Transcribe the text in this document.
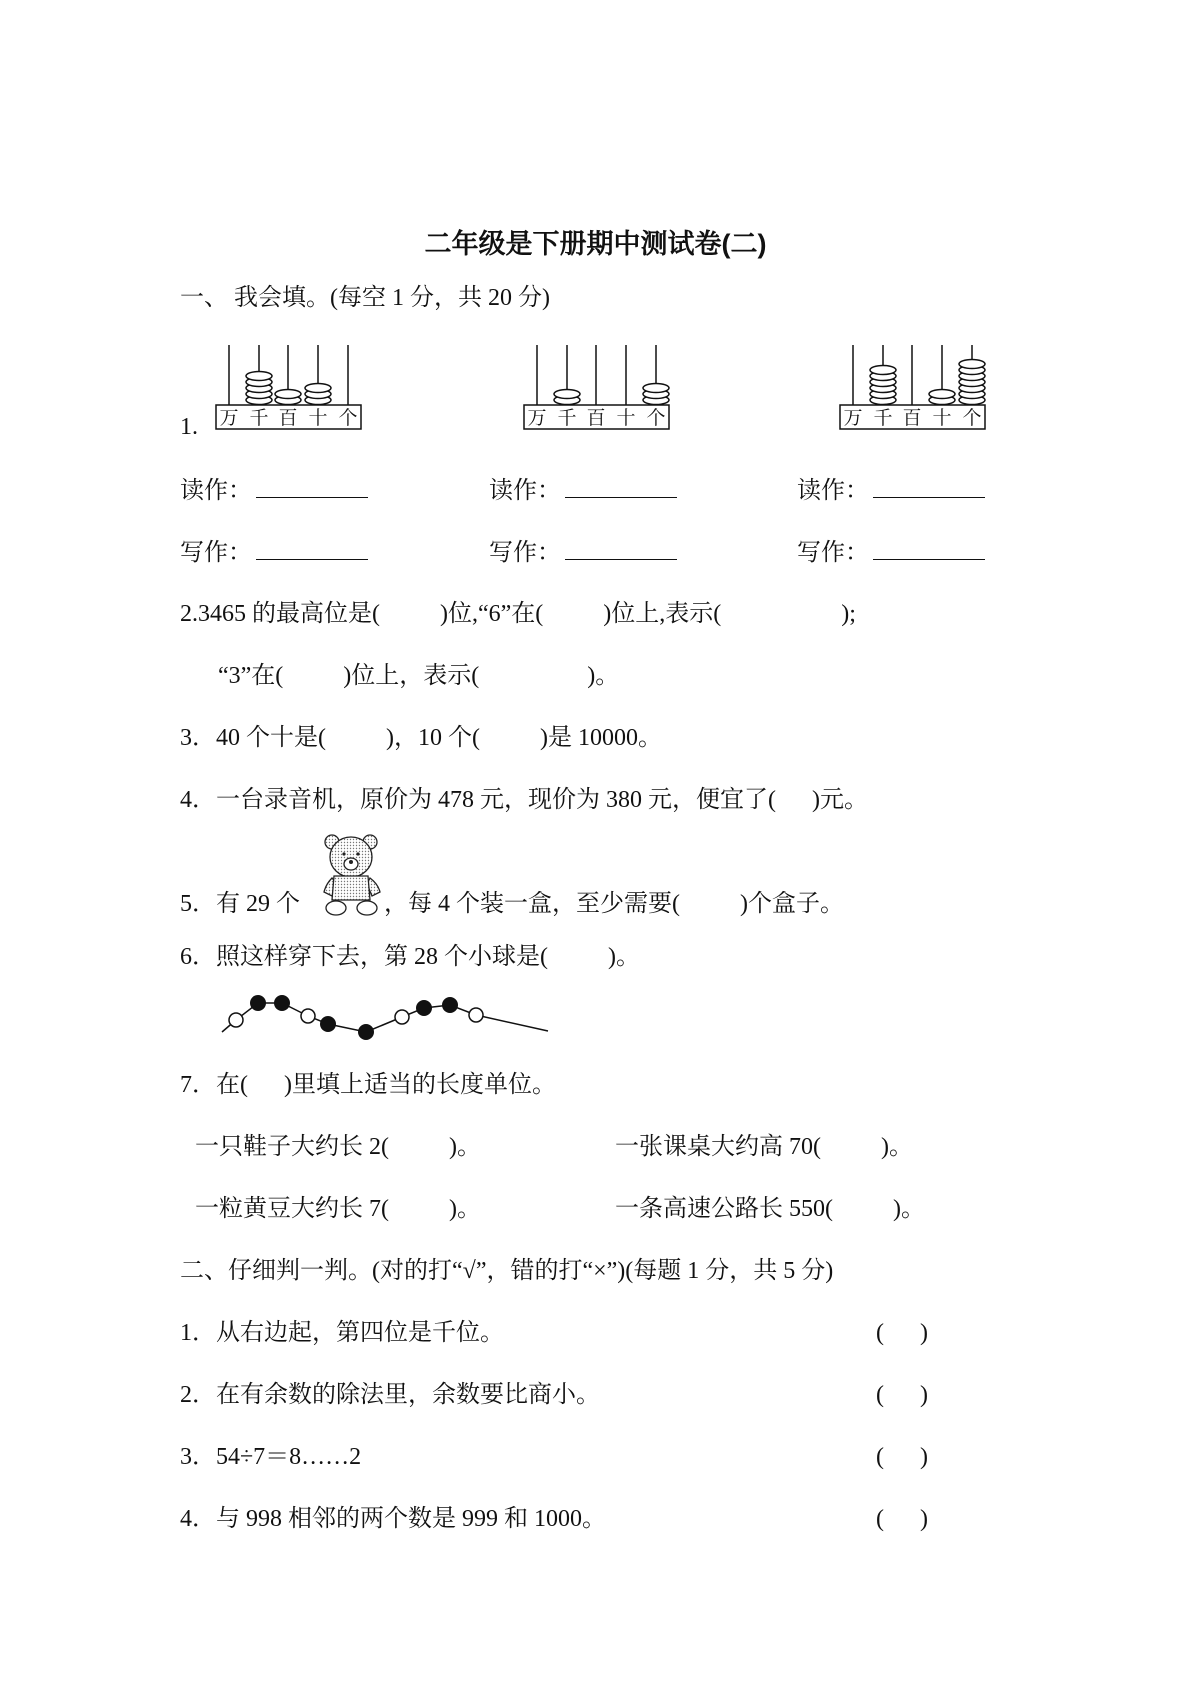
二年级是下册期中测试卷(二)
一、 我会填。(每空 1 分，共 20 分)
1. 万 千 百 十 个	万 千 百 十 个	万 千 百 十 个
读作：	读作：	读作：
写作：	写作：	写作：
2.3465 的最高位是(          )位,“6”在(          )位上,表示(                    );
“3”在(          )位上，表示(                  )。
3．40 个十是(          )，10 个(          )是 10000。
4．一台录音机，原价为 478 元，现价为 380 元，便宜了(      )元。
5．有 29 个	，每 4 个装一盒，至少需要(          )个盒子。
6．照这样穿下去，第 28 个小球是(          )。
7．在(      )里填上适当的长度单位。
一只鞋子大约长 2(          )。	一张课桌大约高 70(          )。
一粒黄豆大约长 7(          )。	一条高速公路长 550(          )。
二、仔细判一判。(对的打“√”，错的打“×”)(每题 1 分，共 5 分)
1．从右边起，第四位是千位。	(      )
2．在有余数的除法里，余数要比商小。	(      )
3．54÷7＝8……2	(      )
4．与 998 相邻的两个数是 999 和 1000。	(      )
